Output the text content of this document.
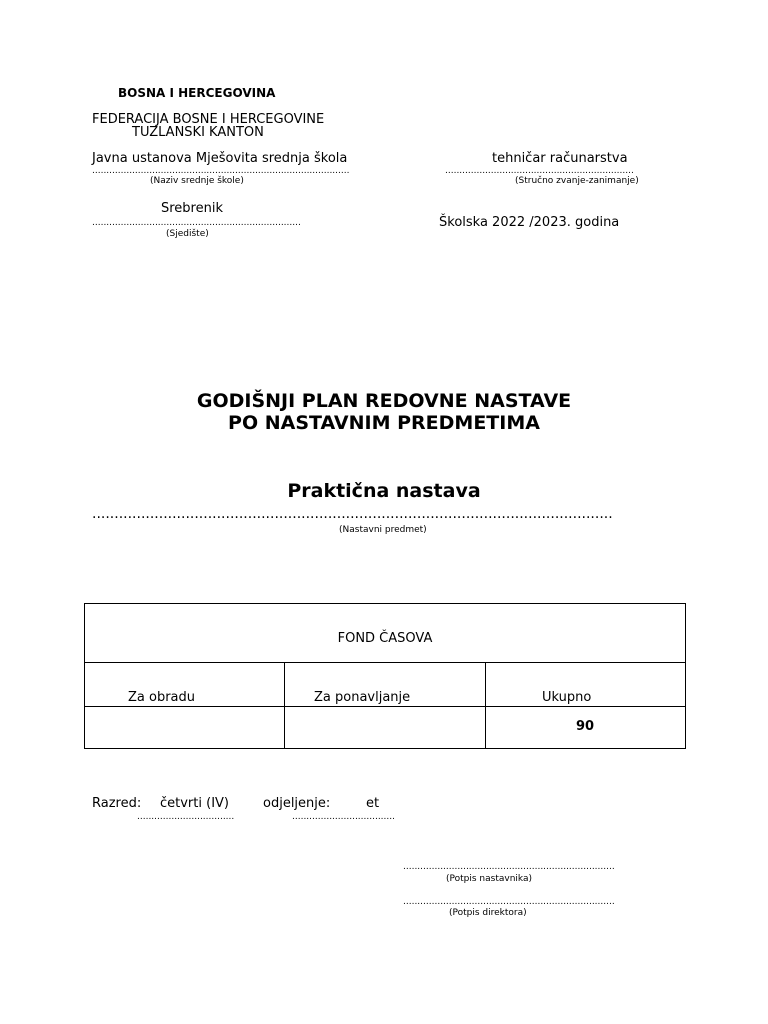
BOSNA I HERCEGOVINA
FEDERACIJA BOSNE I HERCEGOVINE
TUZLANSKI KANTON
Javna ustanova Mješovita srednja škola
..........................................................................................
(Naziv srednje škole)
tehničar računarstva
..................................................................
(Stručno zvanje-zanimanje)
Srebrenik
.........................................................................
(Sjedište)
Školska 2022 /2023. godina
GODIŠNJI PLAN REDOVNE NASTAVE
PO NASTAVNIM PREDMETIMA
Praktična nastava
.....................................................................................................................
(Nastavni predmet)
FOND ČASOVA		

Za obradu	Za ponavljanje	Ukupno

		90
Razred: četvrti (IV)
..................................
odjeljenje:	et
....................................
..........................................................................
(Potpis nastavnika)
..........................................................................
(Potpis direktora)
